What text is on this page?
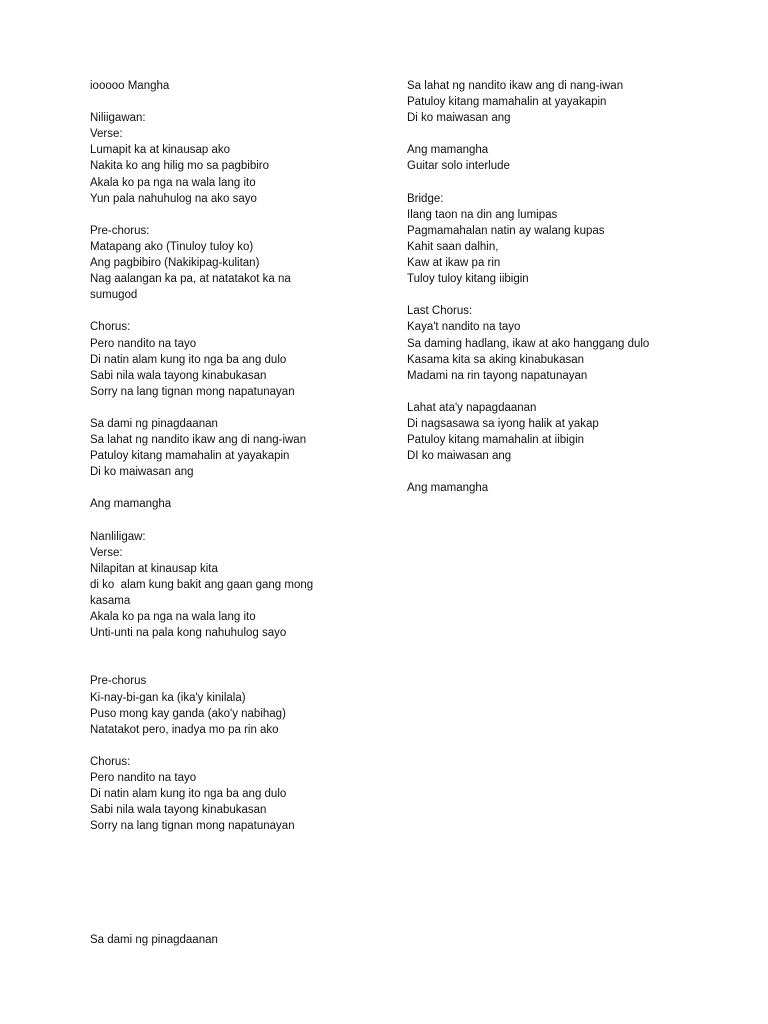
iooooo Mangha
Niliigawan:
Verse:
Lumapit ka at kinausap ako
Nakita ko ang hilig mo sa pagbibiro
Akala ko pa nga na wala lang ito
Yun pala nahuhulog na ako sayo
Pre-chorus:
Matapang ako (Tinuloy tuloy ko)
Ang pagbibiro (Nakikipag-kulitan)
Nag aalangan ka pa, at natatakot ka na
sumugod
Chorus:
Pero nandito na tayo
Di natin alam kung ito nga ba ang dulo
Sabi nila wala tayong kinabukasan
Sorry na lang tignan mong napatunayan
Sa dami ng pinagdaanan
Sa lahat ng nandito ikaw ang di nang-iwan
Patuloy kitang mamahalin at yayakapin
Di ko maiwasan ang
Ang mamangha
Nanliligaw:
Verse:
Nilapitan at kinausap kita
di ko  alam kung bakit ang gaan gang mong
kasama
Akala ko pa nga na wala lang ito
Unti-unti na pala kong nahuhulog sayo
Pre-chorus
Ki-nay-bi-gan ka (ika'y kinilala)
Puso mong kay ganda (ako'y nabihag)
Natatakot pero, inadya mo pa rin ako
Chorus:
Pero nandito na tayo
Di natin alam kung ito nga ba ang dulo
Sabi nila wala tayong kinabukasan
Sorry na lang tignan mong napatunayan
Sa dami ng pinagdaanan
Sa lahat ng nandito ikaw ang di nang-iwan
Patuloy kitang mamahalin at yayakapin
Di ko maiwasan ang
Ang mamangha
Guitar solo interlude
Bridge:
Ilang taon na din ang lumipas
Pagmamahalan natin ay walang kupas
Kahit saan dalhin,
Kaw at ikaw pa rin
Tuloy tuloy kitang iibigin
Last Chorus:
Kaya't nandito na tayo
Sa daming hadlang, ikaw at ako hanggang dulo
Kasama kita sa aking kinabukasan
Madami na rin tayong napatunayan
Lahat ata'y napagdaanan
Di nagsasawa sa iyong halik at yakap
Patuloy kitang mamahalin at iibigin
DI ko maiwasan ang
Ang mamangha
